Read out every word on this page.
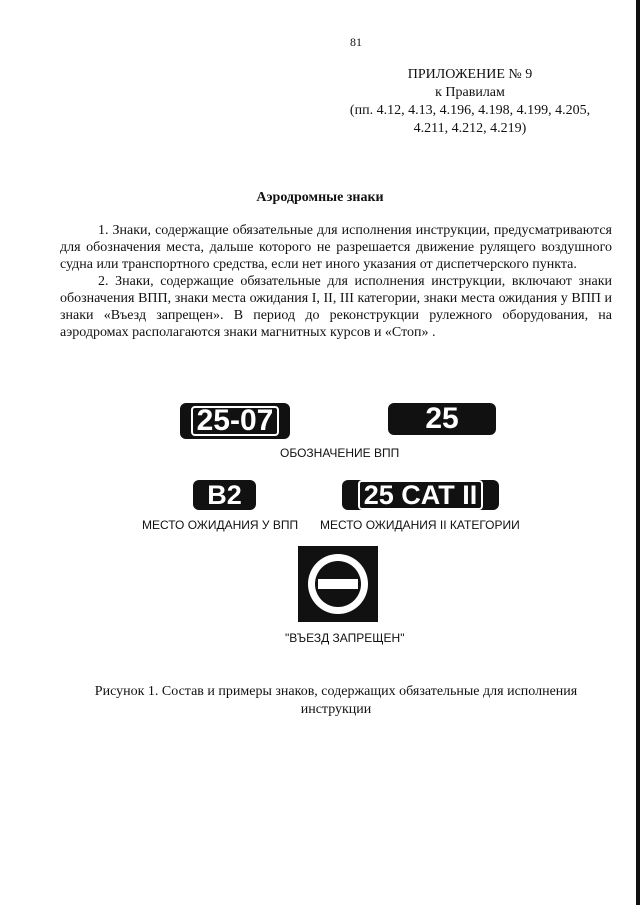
81
ПРИЛОЖЕНИЕ № 9
к Правилам
(пп. 4.12, 4.13, 4.196, 4.198, 4.199, 4.205,
4.211, 4.212, 4.219)
Аэродромные знаки

1. Знаки, содержащие обязательные для исполнения инструкции, предусматриваются для обозначения места, дальше которого не разрешается движение рулящего воздушного судна или транспортного средства, если нет иного указания от диспетчерского пункта.

2. Знаки, содержащие обязательные для исполнения инструкции, включают знаки обозначения ВПП, знаки места ожидания I, II, III категории, знаки места ожидания у ВПП и знаки «Въезд запрещен». В период до реконструкции рулежного оборудования, на аэродромах располагаются знаки магнитных курсов и «Стоп» .

25-07	25
ОБОЗНАЧЕНИЕ ВПП
B2	25 CAT II
МЕСТО ОЖИДАНИЯ У ВПП МЕСТО ОЖИДАНИЯ II КАТЕГОРИИ
"ВЪЕЗД ЗАПРЕЩЕН"
Рисунок 1. Состав и примеры знаков, содержащих обязательные для исполнения инструкции
